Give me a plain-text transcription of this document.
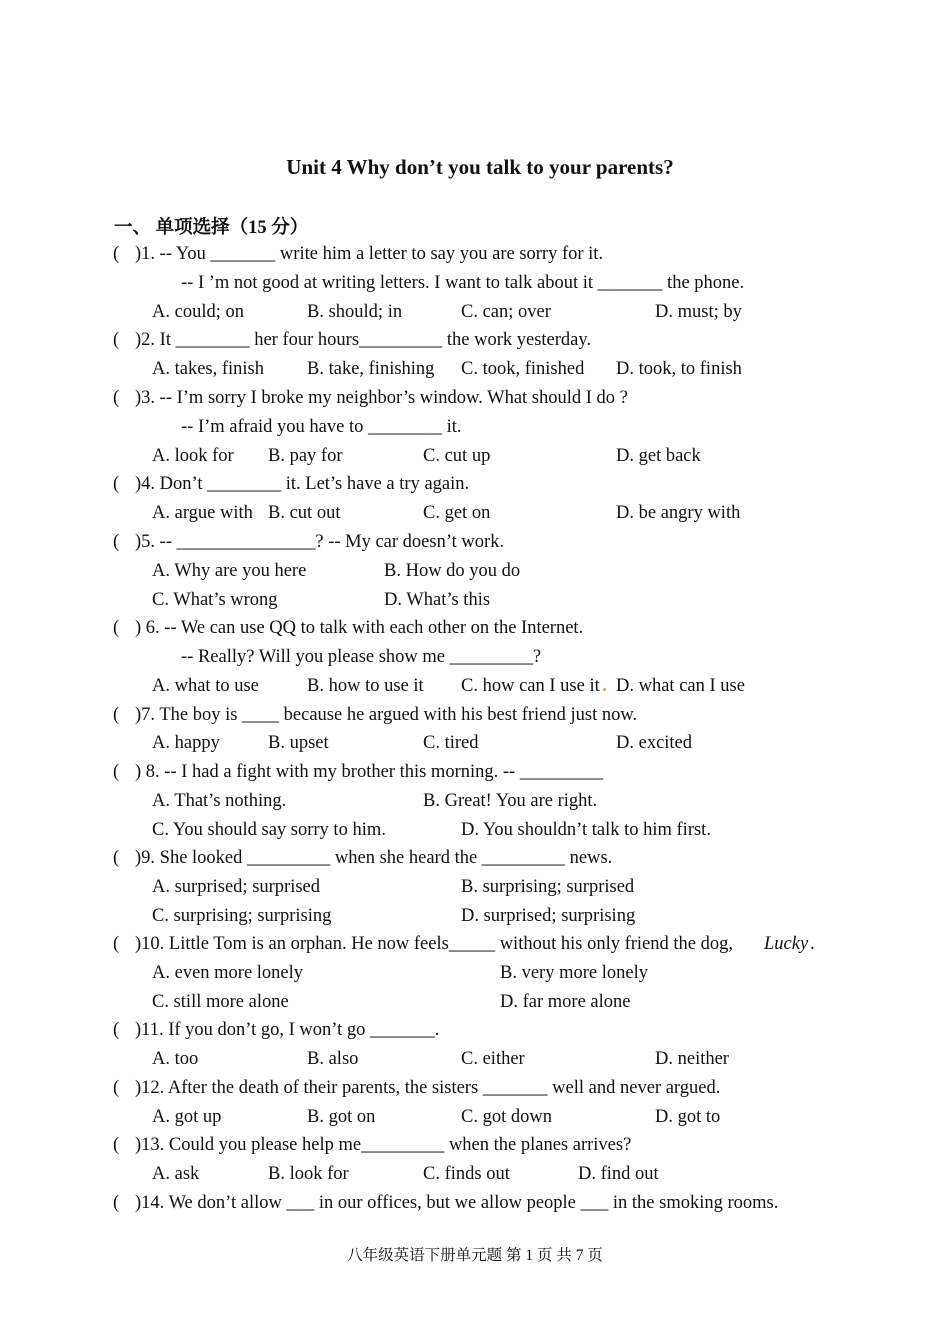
Unit 4 Why don’t you talk to your parents?
一、 单项选择（15 分）
( )1. -- You _______ write him a letter to say you are sorry for it.
-- I ’m not good at writing letters. I want to talk about it _______ the phone.
A. could; on	B. should; in	C. can; over	D. must; by
( )2. It ________ her four hours_________ the work yesterday.
A. takes, finish B. take, finishing C. took, finished D. took, to finish
( )3. -- I’m sorry I broke my neighbor’s window. What should I do ?
-- I’m afraid you have to ________ it.
A. look for B. pay for	C. cut up	D. get back
( )4. Don’t ________ it. Let’s have a try again.
A. argue with B. cut out	C. get on	D. be angry with
( )5. -- _______________? -- My car doesn’t work.
A. Why are you here	B. How do you do
C. What’s wrong	D. What’s this
( ) 6. -- We can use QQ to talk with each other on the Internet.
-- Really? Will you please show me _________?
A. what to use	B. how to use it C. how can I use it D. what can I use
( )7. The boy is ____ because he argued with his best friend just now.
A. happy	B. upset	C. tired	D. excited
( ) 8. -- I had a fight with my brother this morning. -- _________
A. That’s nothing.	B. Great! You are right.
C. You should say sorry to him.	D. You shouldn’t talk to him first.
( )9. She looked _________ when she heard the _________ news.
A. surprised; surprised	B. surprising; surprised
C. surprising; surprising	D. surprised; surprising
( )10. Little Tom is an orphan. He now feels_____ without his only friend the dog, Lucky .
A. even more lonely	B. very more lonely
C. still more alone	D. far more alone
( )11. If you don’t go, I won’t go _______.
A. too	B. also	C. either	D. neither
( )12. After the death of their parents, the sisters _______ well and never argued.
A. got up	B. got on	C. got down	D. got to
( )13. Could you please help me_________ when the planes arrives?
A. ask	B. look for	C. finds out	D. find out
( )14. We don’t allow ___ in our offices, but we allow people ___ in the smoking rooms.
八年级英语下册单元题 第 1 页 共 7 页
